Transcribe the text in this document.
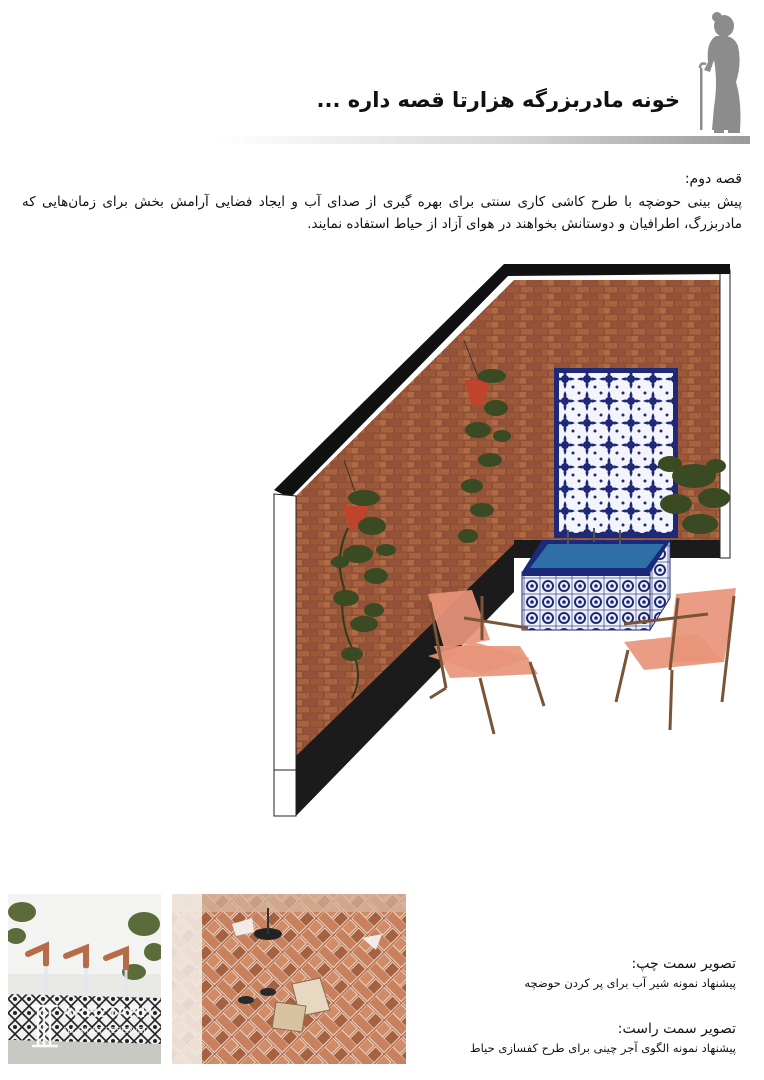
خونه مادربزرگه هزارتا قصه داره ...
قصه دوم:
پیش بینی حوضچه با طرح کاشی کاری سنتی برای بهره گیری از صدای آب و ایجاد فضایی آرامش بخش برای زمان‌هایی که مادربزرگ، اطرافیان و دوستانش بخواهند در هوای آزاد از حیاط استفاده نمایند.
ARH2TARH
ALL RIGHT RESERVED
©
تصویر سمت چپ:
پیشنهاد نمونه شیر آب برای پر کردن حوضچه
تصویر سمت راست:
پیشنهاد نمونه الگوی آجر چینی برای طرح کفسازی حیاط
